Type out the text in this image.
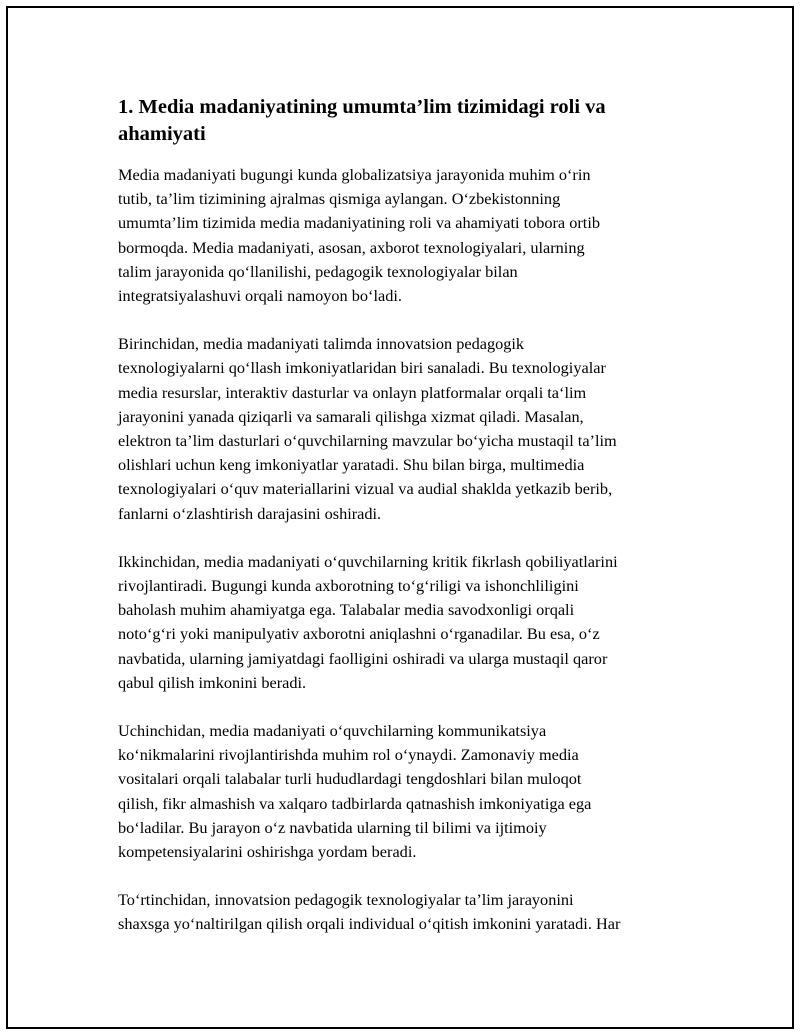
1. Media madaniyatining umumta’lim tizimidagi roli va
ahamiyati

Media madaniyati bugungi kunda globalizatsiya jarayonida muhim oʻrin
tutib, ta’lim tizimining ajralmas qismiga aylangan. Oʻzbekistonning
umumta’lim tizimida media madaniyatining roli va ahamiyati tobora ortib
bormoqda. Media madaniyati, asosan, axborot texnologiyalari, ularning
talim jarayonida qoʻllanilishi, pedagogik texnologiyalar bilan
integratsiyalashuvi orqali namoyon boʻladi.

Birinchidan, media madaniyati talimda innovatsion pedagogik
texnologiyalarni qoʻllash imkoniyatlaridan biri sanaladi. Bu texnologiyalar
media resurslar, interaktiv dasturlar va onlayn platformalar orqali taʻlim
jarayonini yanada qiziqarli va samarali qilishga xizmat qiladi. Masalan,
elektron ta’lim dasturlari oʻquvchilarning mavzular boʻyicha mustaqil ta’lim
olishlari uchun keng imkoniyatlar yaratadi. Shu bilan birga, multimedia
texnologiyalari oʻquv materiallarini vizual va audial shaklda yetkazib berib,
fanlarni oʻzlashtirish darajasini oshiradi.

Ikkinchidan, media madaniyati oʻquvchilarning kritik fikrlash qobiliyatlarini
rivojlantiradi. Bugungi kunda axborotning toʻgʻriligi va ishonchliligini
baholash muhim ahamiyatga ega. Talabalar media savodxonligi orqali
notoʻgʻri yoki manipulyativ axborotni aniqlashni oʻrganadilar. Bu esa, oʻz
navbatida, ularning jamiyatdagi faolligini oshiradi va ularga mustaqil qaror
qabul qilish imkonini beradi.

Uchinchidan, media madaniyati oʻquvchilarning kommunikatsiya
koʻnikmalarini rivojlantirishda muhim rol oʻynaydi. Zamonaviy media
vositalari orqali talabalar turli hududlardagi tengdoshlari bilan muloqot
qilish, fikr almashish va xalqaro tadbirlarda qatnashish imkoniyatiga ega
boʻladilar. Bu jarayon oʻz navbatida ularning til bilimi va ijtimoiy
kompetensiyalarini oshirishga yordam beradi.

Toʻrtinchidan, innovatsion pedagogik texnologiyalar ta’lim jarayonini
shaxsga yoʻnaltirilgan qilish orqali individual oʻqitish imkonini yaratadi. Har
